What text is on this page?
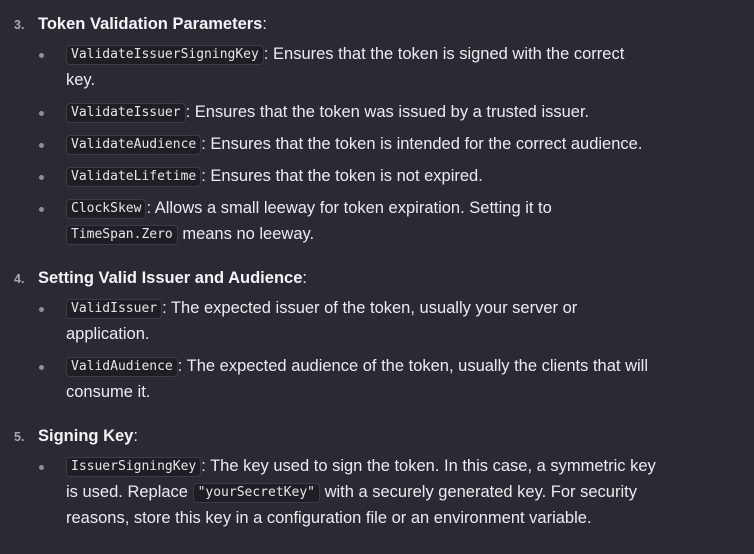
3. Token Validation Parameters:
ValidateIssuerSigningKey : Ensures that the token is signed with the correct
key.
ValidateIssuer : Ensures that the token was issued by a trusted issuer.
ValidateAudience : Ensures that the token is intended for the correct audience.
ValidateLifetime : Ensures that the token is not expired.
ClockSkew : Allows a small leeway for token expiration. Setting it to
TimeSpan.Zero means no leeway.
4. Setting Valid Issuer and Audience:
ValidIssuer : The expected issuer of the token, usually your server or
application.
ValidAudience : The expected audience of the token, usually the clients that will
consume it.
5. Signing Key:
IssuerSigningKey : The key used to sign the token. In this case, a symmetric key
is used. Replace "yourSecretKey" with a securely generated key. For security
reasons, store this key in a configuration file or an environment variable.
